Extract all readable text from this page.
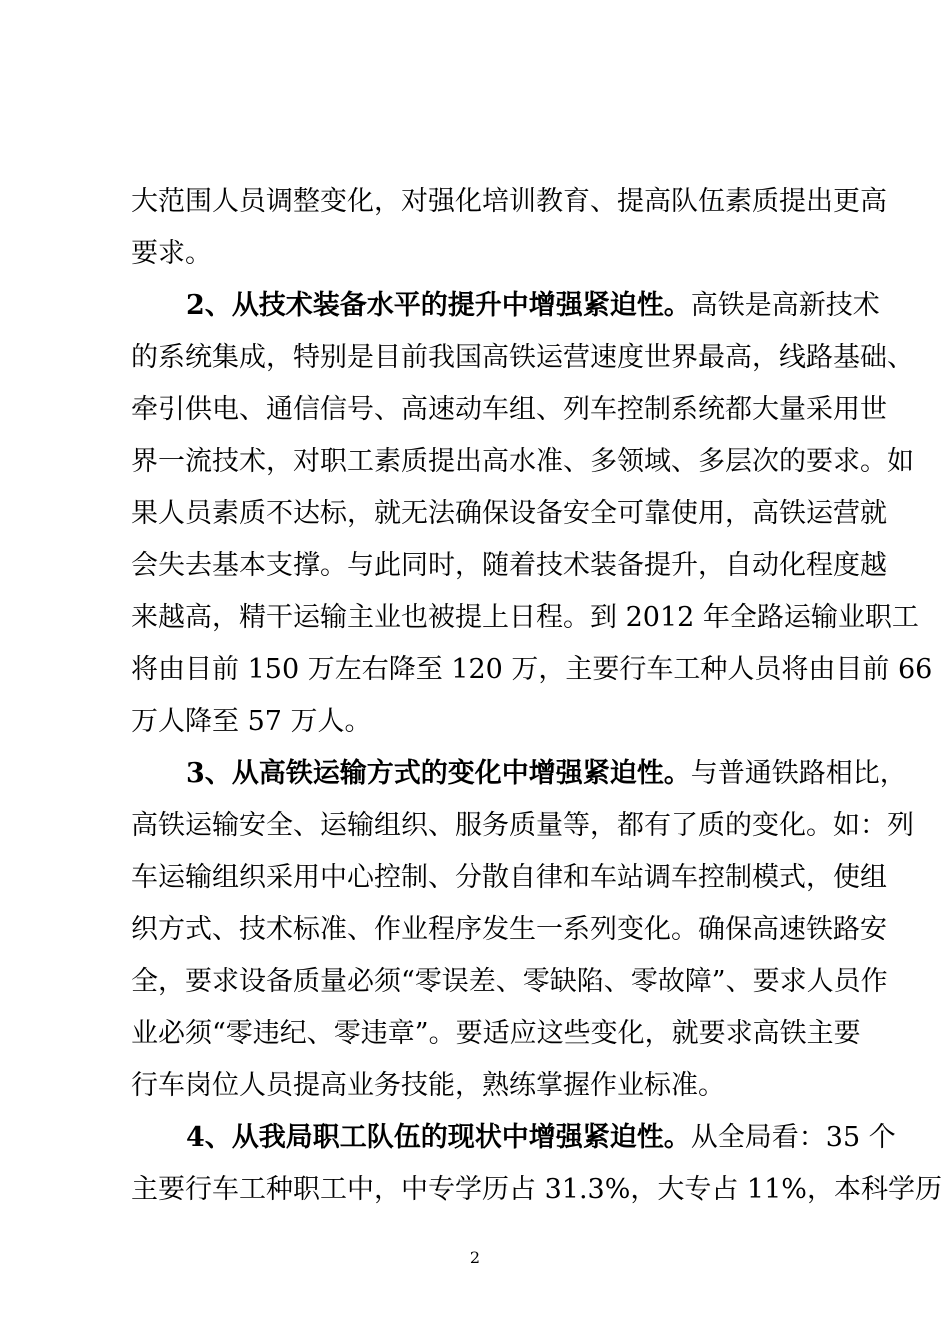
大范围人员调整变化，对强化培训教育、提高队伍素质提出更高
要求。
2、从技术装备水平的提升中增强紧迫性。高铁是高新技术
的系统集成，特别是目前我国高铁运营速度世界最高，线路基础、
牵引供电、通信信号、高速动车组、列车控制系统都大量采用世
界一流技术，对职工素质提出高水准、多领域、多层次的要求。如
果人员素质不达标，就无法确保设备安全可靠使用，高铁运营就
会失去基本支撑。与此同时，随着技术装备提升，自动化程度越
来越高，精干运输主业也被提上日程。到 2012 年全路运输业职工
将由目前 150 万左右降至 120 万，主要行车工种人员将由目前 66
万人降至 57 万人。
3、从高铁运输方式的变化中增强紧迫性。与普通铁路相比，
高铁运输安全、运输组织、服务质量等，都有了质的变化。如：列
车运输组织采用中心控制、分散自律和车站调车控制模式，使组
织方式、技术标准、作业程序发生一系列变化。确保高速铁路安
全，要求设备质量必须“零误差、零缺陷、零故障”、要求人员作
业必须“零违纪、零违章”。要适应这些变化，就要求高铁主要
行车岗位人员提高业务技能，熟练掌握作业标准。
4、从我局职工队伍的现状中增强紧迫性。从全局看：35 个
主要行车工种职工中，中专学历占 31.3%，大专占 11%，本科学历
2
